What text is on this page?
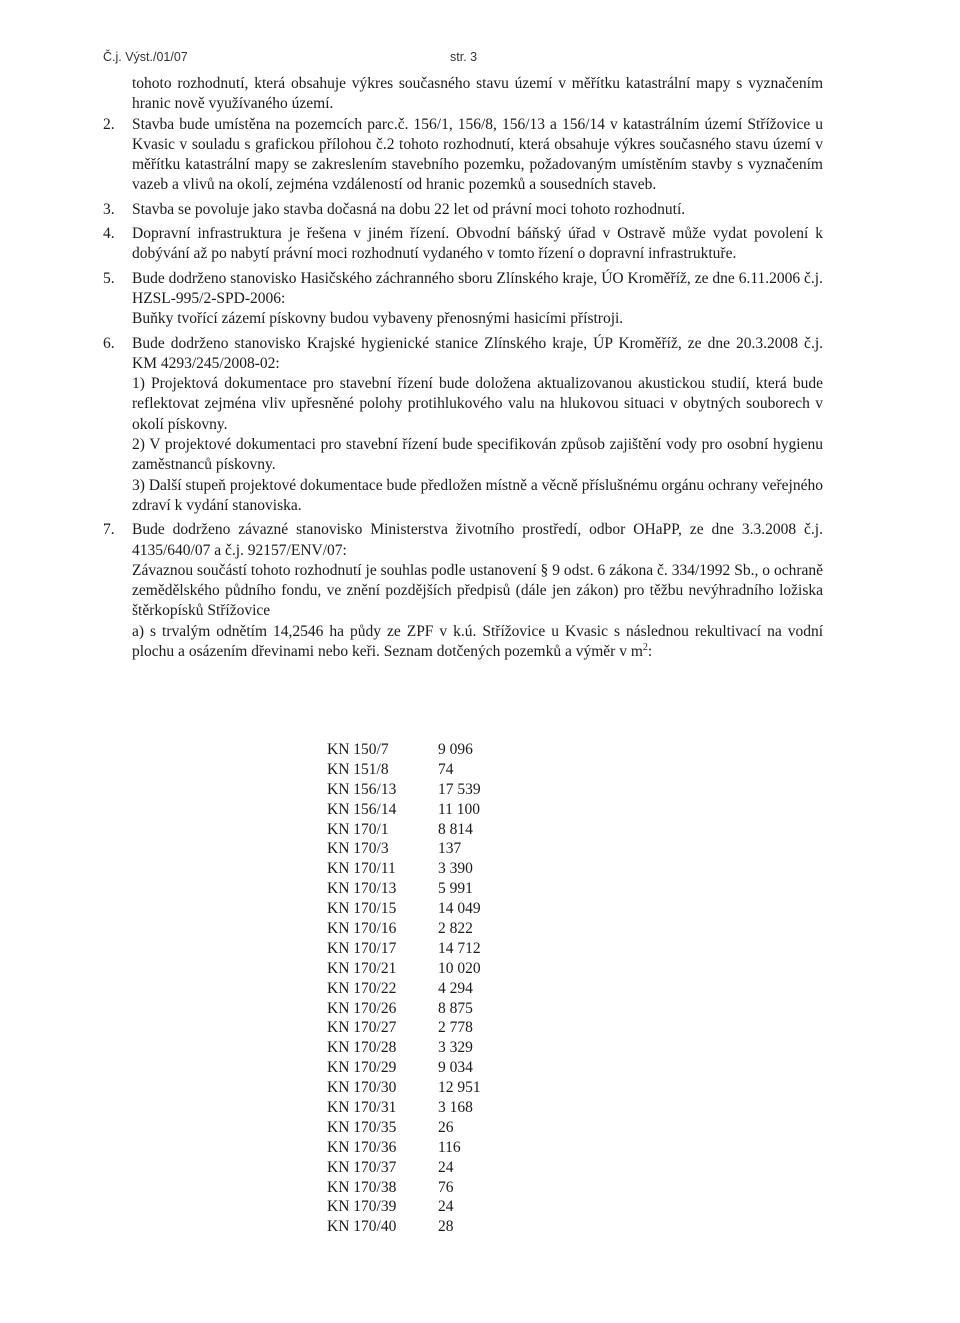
Č.j. Výst./01/07	str. 3

tohoto rozhodnutí, která obsahuje výkres současného stavu území v měřítku katastrální mapy s vyznačením hranic nově využívaného území.

2.	Stavba bude umístěna na pozemcích parc.č. 156/1, 156/8, 156/13 a 156/14 v katastrálním území Střížovice u Kvasic v souladu s grafickou přílohou č.2 tohoto rozhodnutí, která obsahuje výkres současného stavu území v měřítku katastrální mapy se zakreslením stavebního pozemku, požadovaným umístěním stavby s vyznačením vazeb a vlivů na okolí, zejména vzdáleností od hranic pozemků a sousedních staveb.

3.	Stavba se povoluje jako stavba dočasná na dobu 22 let od právní moci tohoto rozhodnutí.

4.	Dopravní infrastruktura je řešena v jiném řízení. Obvodní báňský úřad v Ostravě může vydat povolení k dobývání až po nabytí právní moci rozhodnutí vydaného v tomto řízení o dopravní infrastruktuře.

5.	Bude dodrženo stanovisko Hasičského záchranného sboru Zlínského kraje, ÚO Kroměříž, ze dne 6.11.2006 č.j. HZSL-995/2-SPD-2006:

Buňky tvořící zázemí pískovny budou vybaveny přenosnými hasicími přístroji.

6.	Bude dodrženo stanovisko Krajské hygienické stanice Zlínského kraje, ÚP Kroměříž, ze dne 20.3.2008 č.j. KM 4293/245/2008-02:

1) Projektová dokumentace pro stavební řízení bude doložena aktualizovanou akustickou studií, která bude reflektovat zejména vliv upřesněné polohy protihlukového valu na hlukovou situaci v obytných souborech v okolí pískovny.

2) V projektové dokumentaci pro stavební řízení bude specifikován způsob zajištění vody pro osobní hygienu zaměstnanců pískovny.

3) Další stupeň projektové dokumentace bude předložen místně a věcně příslušnému orgánu ochrany veřejného zdraví k vydání stanoviska.

7.	Bude dodrženo závazné stanovisko Ministerstva životního prostředí, odbor OHaPP, ze dne 3.3.2008 č.j. 4135/640/07 a č.j. 92157/ENV/07:

Závaznou součástí tohoto rozhodnutí je souhlas podle ustanovení § 9 odst. 6 zákona č. 334/1992 Sb., o ochraně zemědělského půdního fondu, ve znění pozdějších předpisů (dále jen zákon) pro těžbu nevýhradního ložiska štěrkopísků Střížovice

a) s trvalým odnětím 14,2546 ha půdy ze ZPF v k.ú. Střížovice u Kvasic s následnou rekultivací na vodní plochu a osázením dřevinami nebo keři. Seznam dotčených pozemků a výměr v $m^2$:

KN 150/7	9 096
KN 151/8	74
KN 156/13	17 539
KN 156/14	11 100
KN 170/1	8 814
KN 170/3	137
KN 170/11	3 390
KN 170/13	5 991
KN 170/15	14 049
KN 170/16	2 822
KN 170/17	14 712
KN 170/21	10 020
KN 170/22	4 294
KN 170/26	8 875
KN 170/27	2 778
KN 170/28	3 329
KN 170/29	9 034
KN 170/30	12 951
KN 170/31	3 168
KN 170/35	26
KN 170/36	116
KN 170/37	24
KN 170/38	76
KN 170/39	24
KN 170/40	28
